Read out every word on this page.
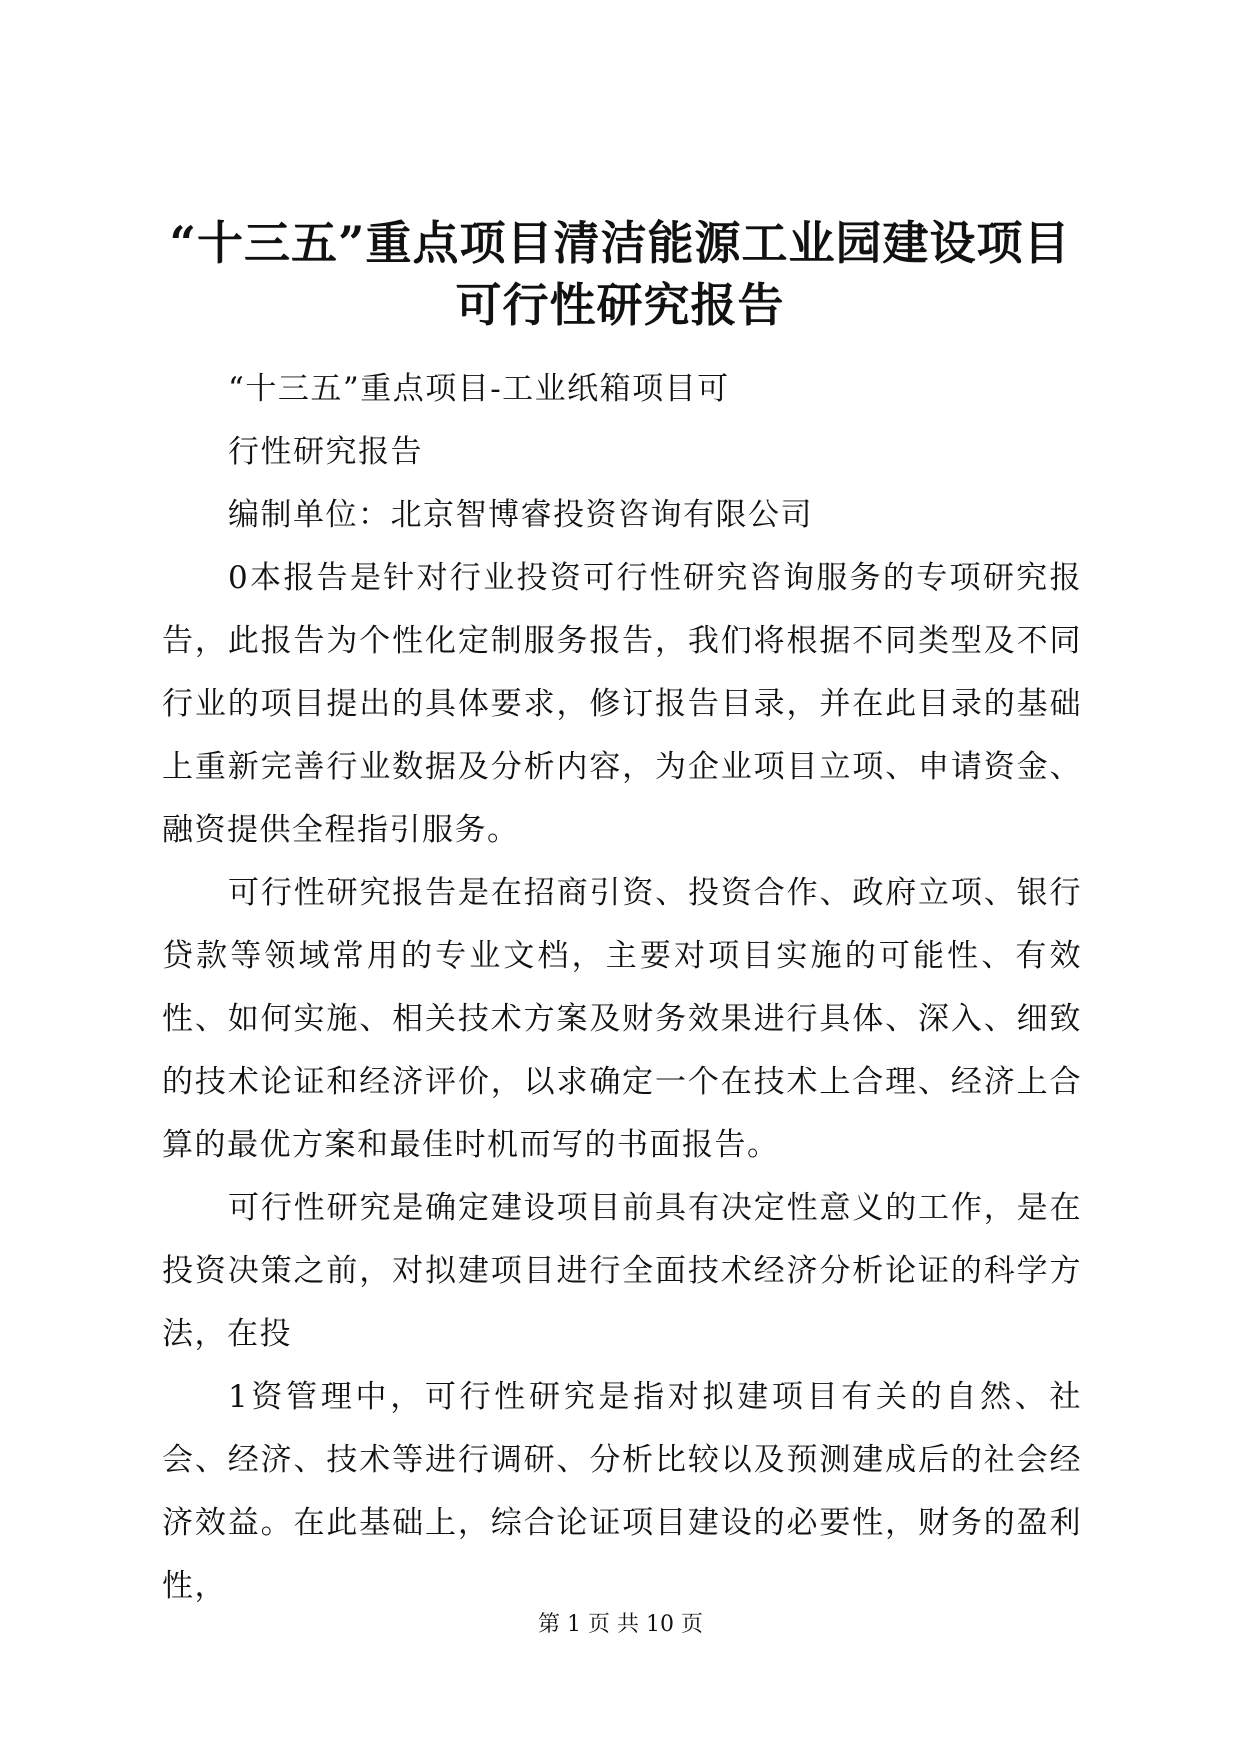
“十三五”重点项目清洁能源工业园建设项目
可行性研究报告

“十三五”重点项目-工业纸箱项目可

行性研究报告

编制单位：北京智博睿投资咨询有限公司

0本报告是针对行业投资可行性研究咨询服务的专项研究报告，此报告为个性化定制服务报告，我们将根据不同类型及不同行业的项目提出的具体要求，修订报告目录，并在此目录的基础上重新完善行业数据及分析内容，为企业项目立项、申请资金、融资提供全程指引服务。

可行性研究报告是在招商引资、投资合作、政府立项、银行贷款等领域常用的专业文档，主要对项目实施的可能性、有效性、如何实施、相关技术方案及财务效果进行具体、深入、细致的技术论证和经济评价，以求确定一个在技术上合理、经济上合算的最优方案和最佳时机而写的书面报告。

可行性研究是确定建设项目前具有决定性意义的工作，是在投资决策之前，对拟建项目进行全面技术经济分析论证的科学方法，在投

1资管理中，可行性研究是指对拟建项目有关的自然、社会、经济、技术等进行调研、分析比较以及预测建成后的社会经济效益。在此基础上，综合论证项目建设的必要性，财务的盈利性，

第 1 页 共 10 页
